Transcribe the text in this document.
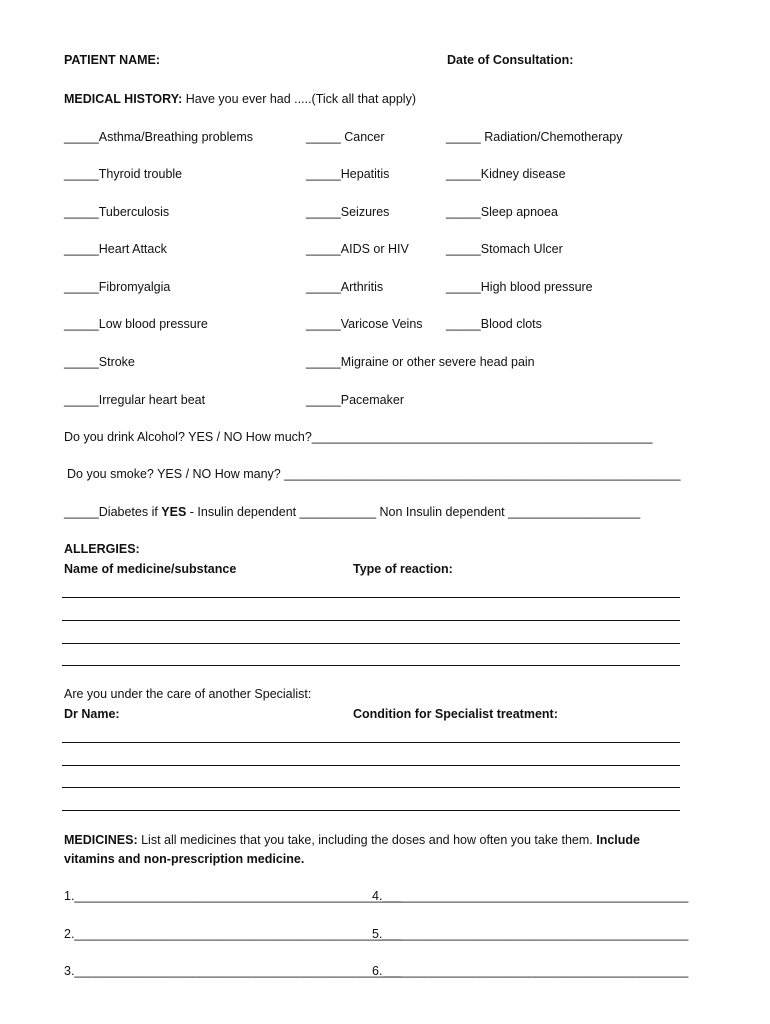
PATIENT NAME:	Date of Consultation:
MEDICAL HISTORY: Have you ever had .....(Tick all that apply)
_____Asthma/Breathing problems	_____ Cancer	_____ Radiation/Chemotherapy
_____Thyroid trouble	_____Hepatitis	_____Kidney disease
_____Tuberculosis	_____Seizures	_____Sleep apnoea
_____Heart Attack	_____AIDS or HIV	_____Stomach Ulcer
_____Fibromyalgia	_____Arthritis	_____High blood pressure
_____Low blood pressure	_____Varicose Veins _____Blood clots
_____Stroke	_____Migraine or other severe head pain
_____Irregular heart beat	_____Pacemaker
Do you drink Alcohol? YES / NO How much?_________________________________________________
Do you smoke? YES / NO How many? _________________________________________________________
_____Diabetes if YES - Insulin dependent ___________ Non Insulin dependent ___________________
ALLERGIES:
Name of medicine/substance	Type of reaction:
Are you under the care of another Specialist:
Dr Name:	Condition for Specialist treatment:
MEDICINES: List all medicines that you take, including the doses and how often you take them. Include
vitamins and non-prescription medicine.
1._______________________________________________
4.____________________________________________
2._______________________________________________
5.____________________________________________
3._______________________________________________
6.____________________________________________
